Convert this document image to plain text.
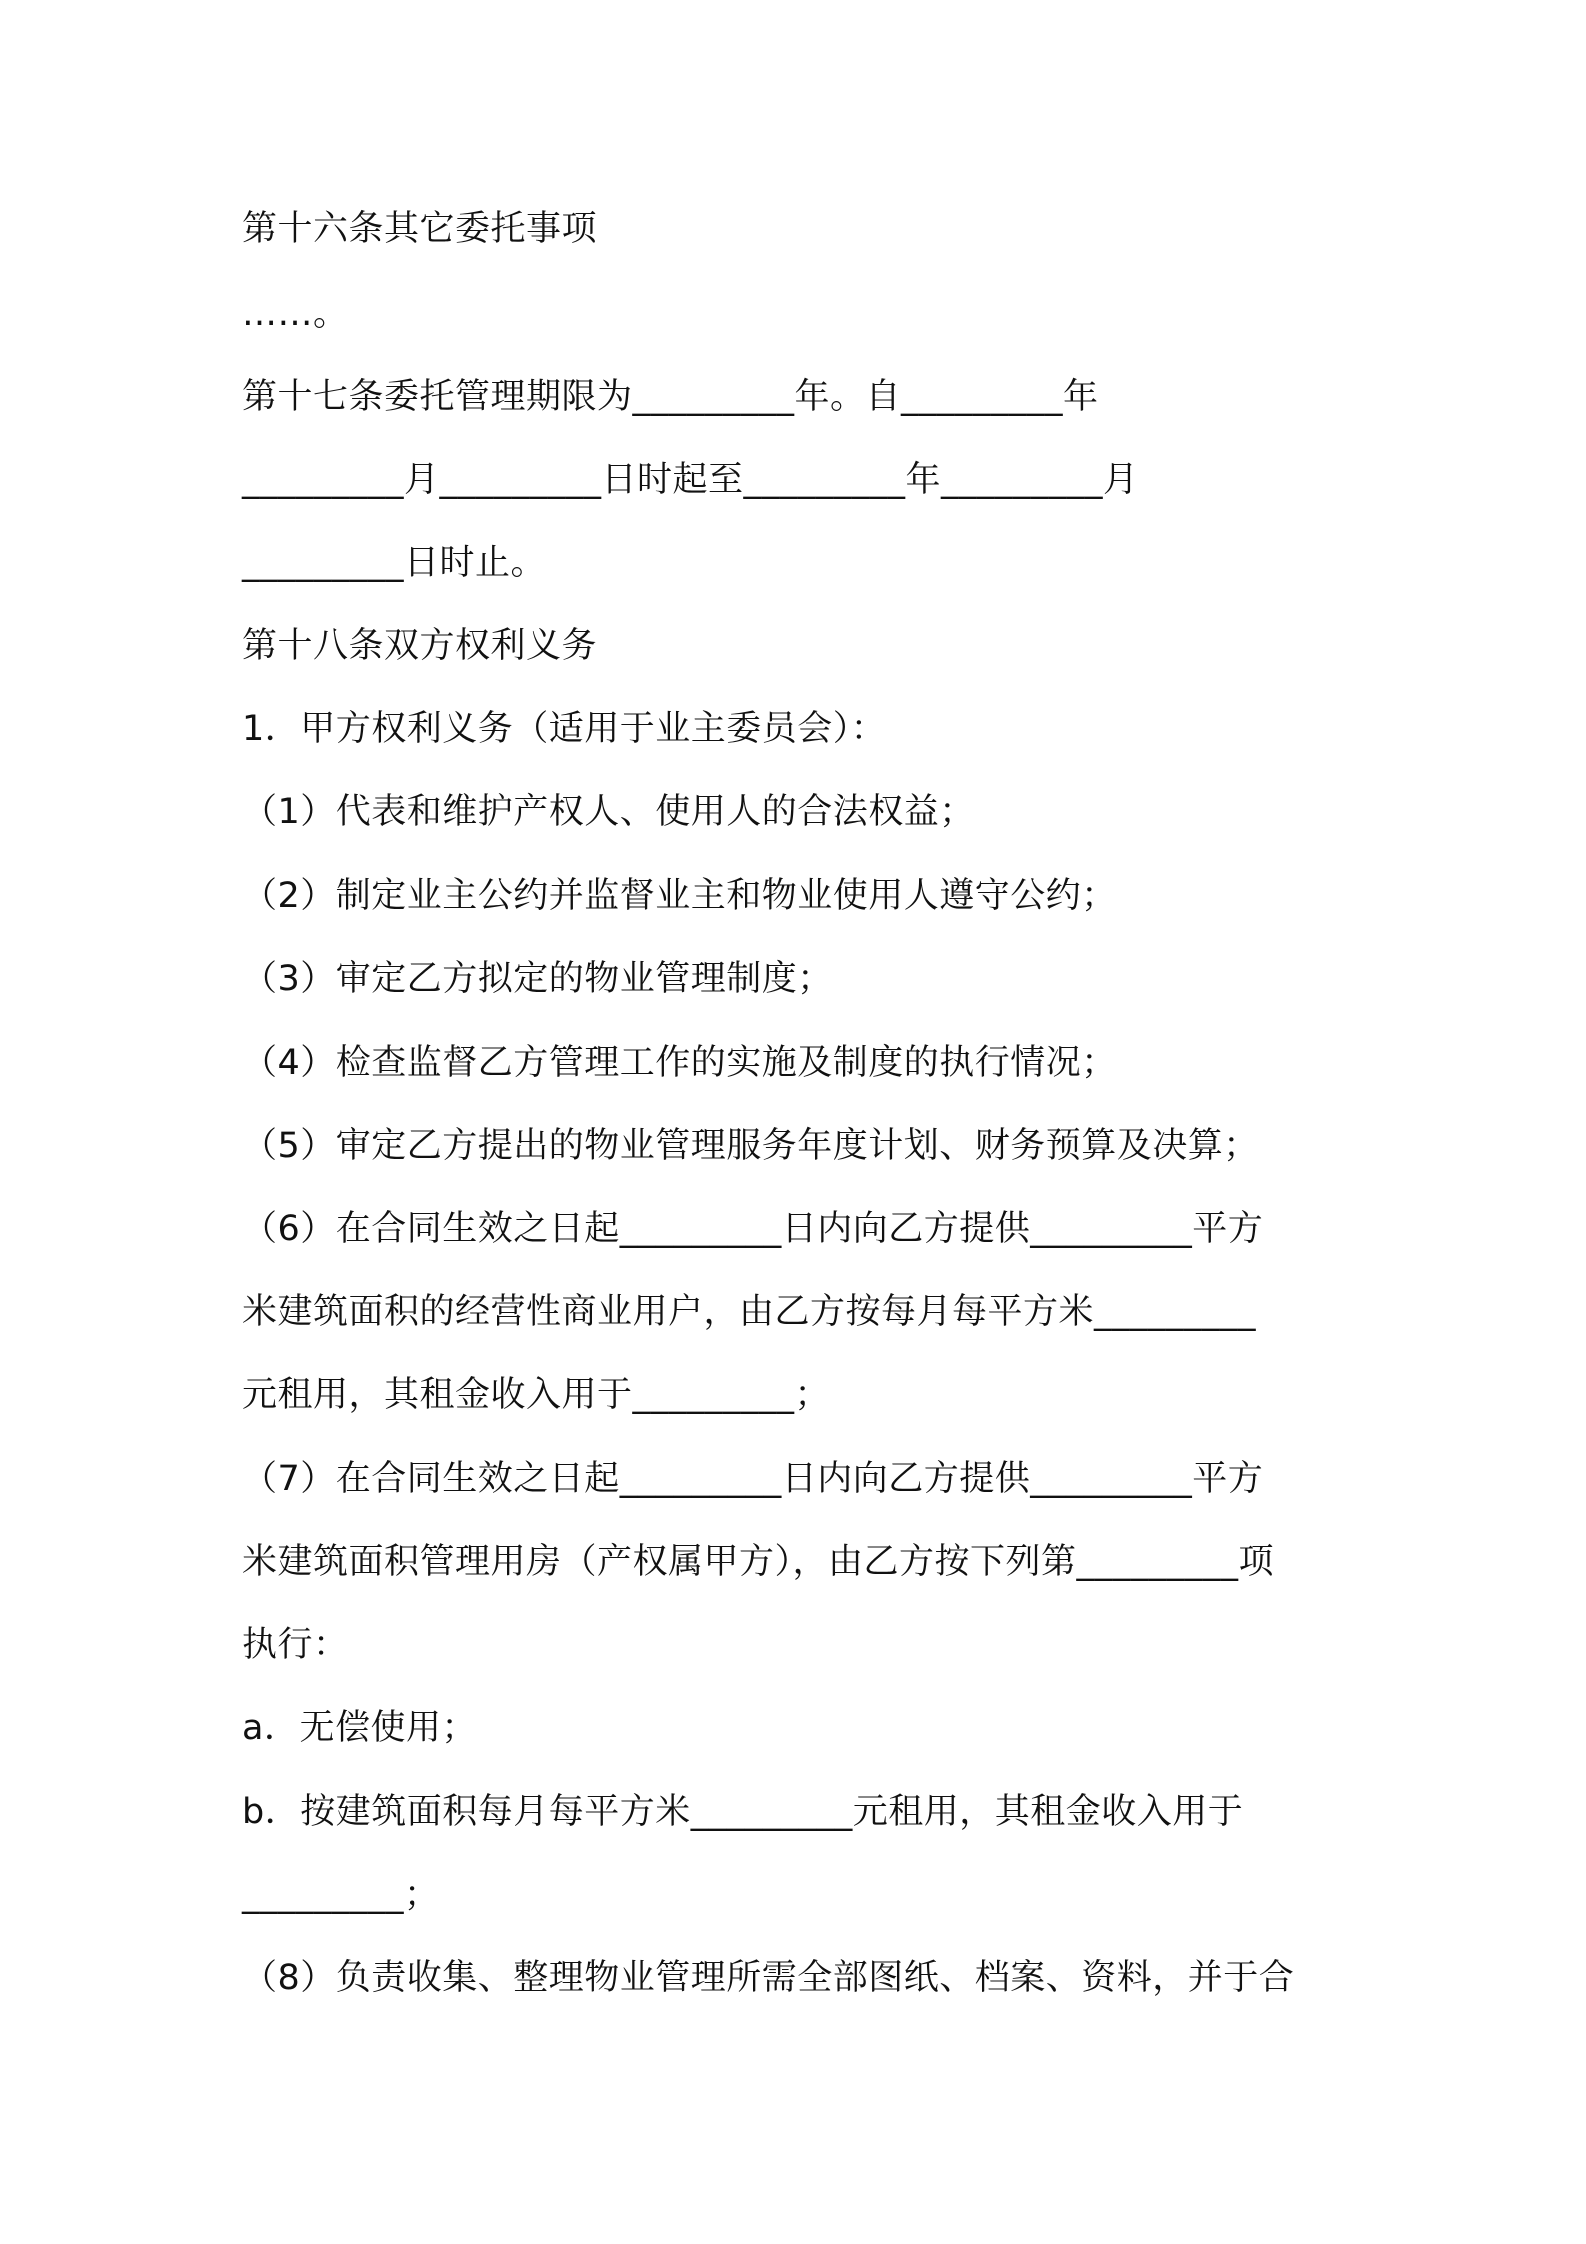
第十六条其它委托事项
……。
第十七条委托管理期限为_________年。自_________年
_________月_________日时起至_________年_________月
_________日时止。
第十八条双方权利义务
1．甲方权利义务（适用于业主委员会）：
（1）代表和维护产权人、使用人的合法权益；
（2）制定业主公约并监督业主和物业使用人遵守公约；
（3）审定乙方拟定的物业管理制度；
（4）检查监督乙方管理工作的实施及制度的执行情况；
（5）审定乙方提出的物业管理服务年度计划、财务预算及决算；
（6）在合同生效之日起_________日内向乙方提供_________平方
米建筑面积的经营性商业用户，由乙方按每月每平方米_________
元租用，其租金收入用于_________；
（7）在合同生效之日起_________日内向乙方提供_________平方
米建筑面积管理用房（产权属甲方），由乙方按下列第_________项
执行：
a．无偿使用；
b．按建筑面积每月每平方米_________元租用，其租金收入用于
_________；
（8）负责收集、整理物业管理所需全部图纸、档案、资料，并于合
